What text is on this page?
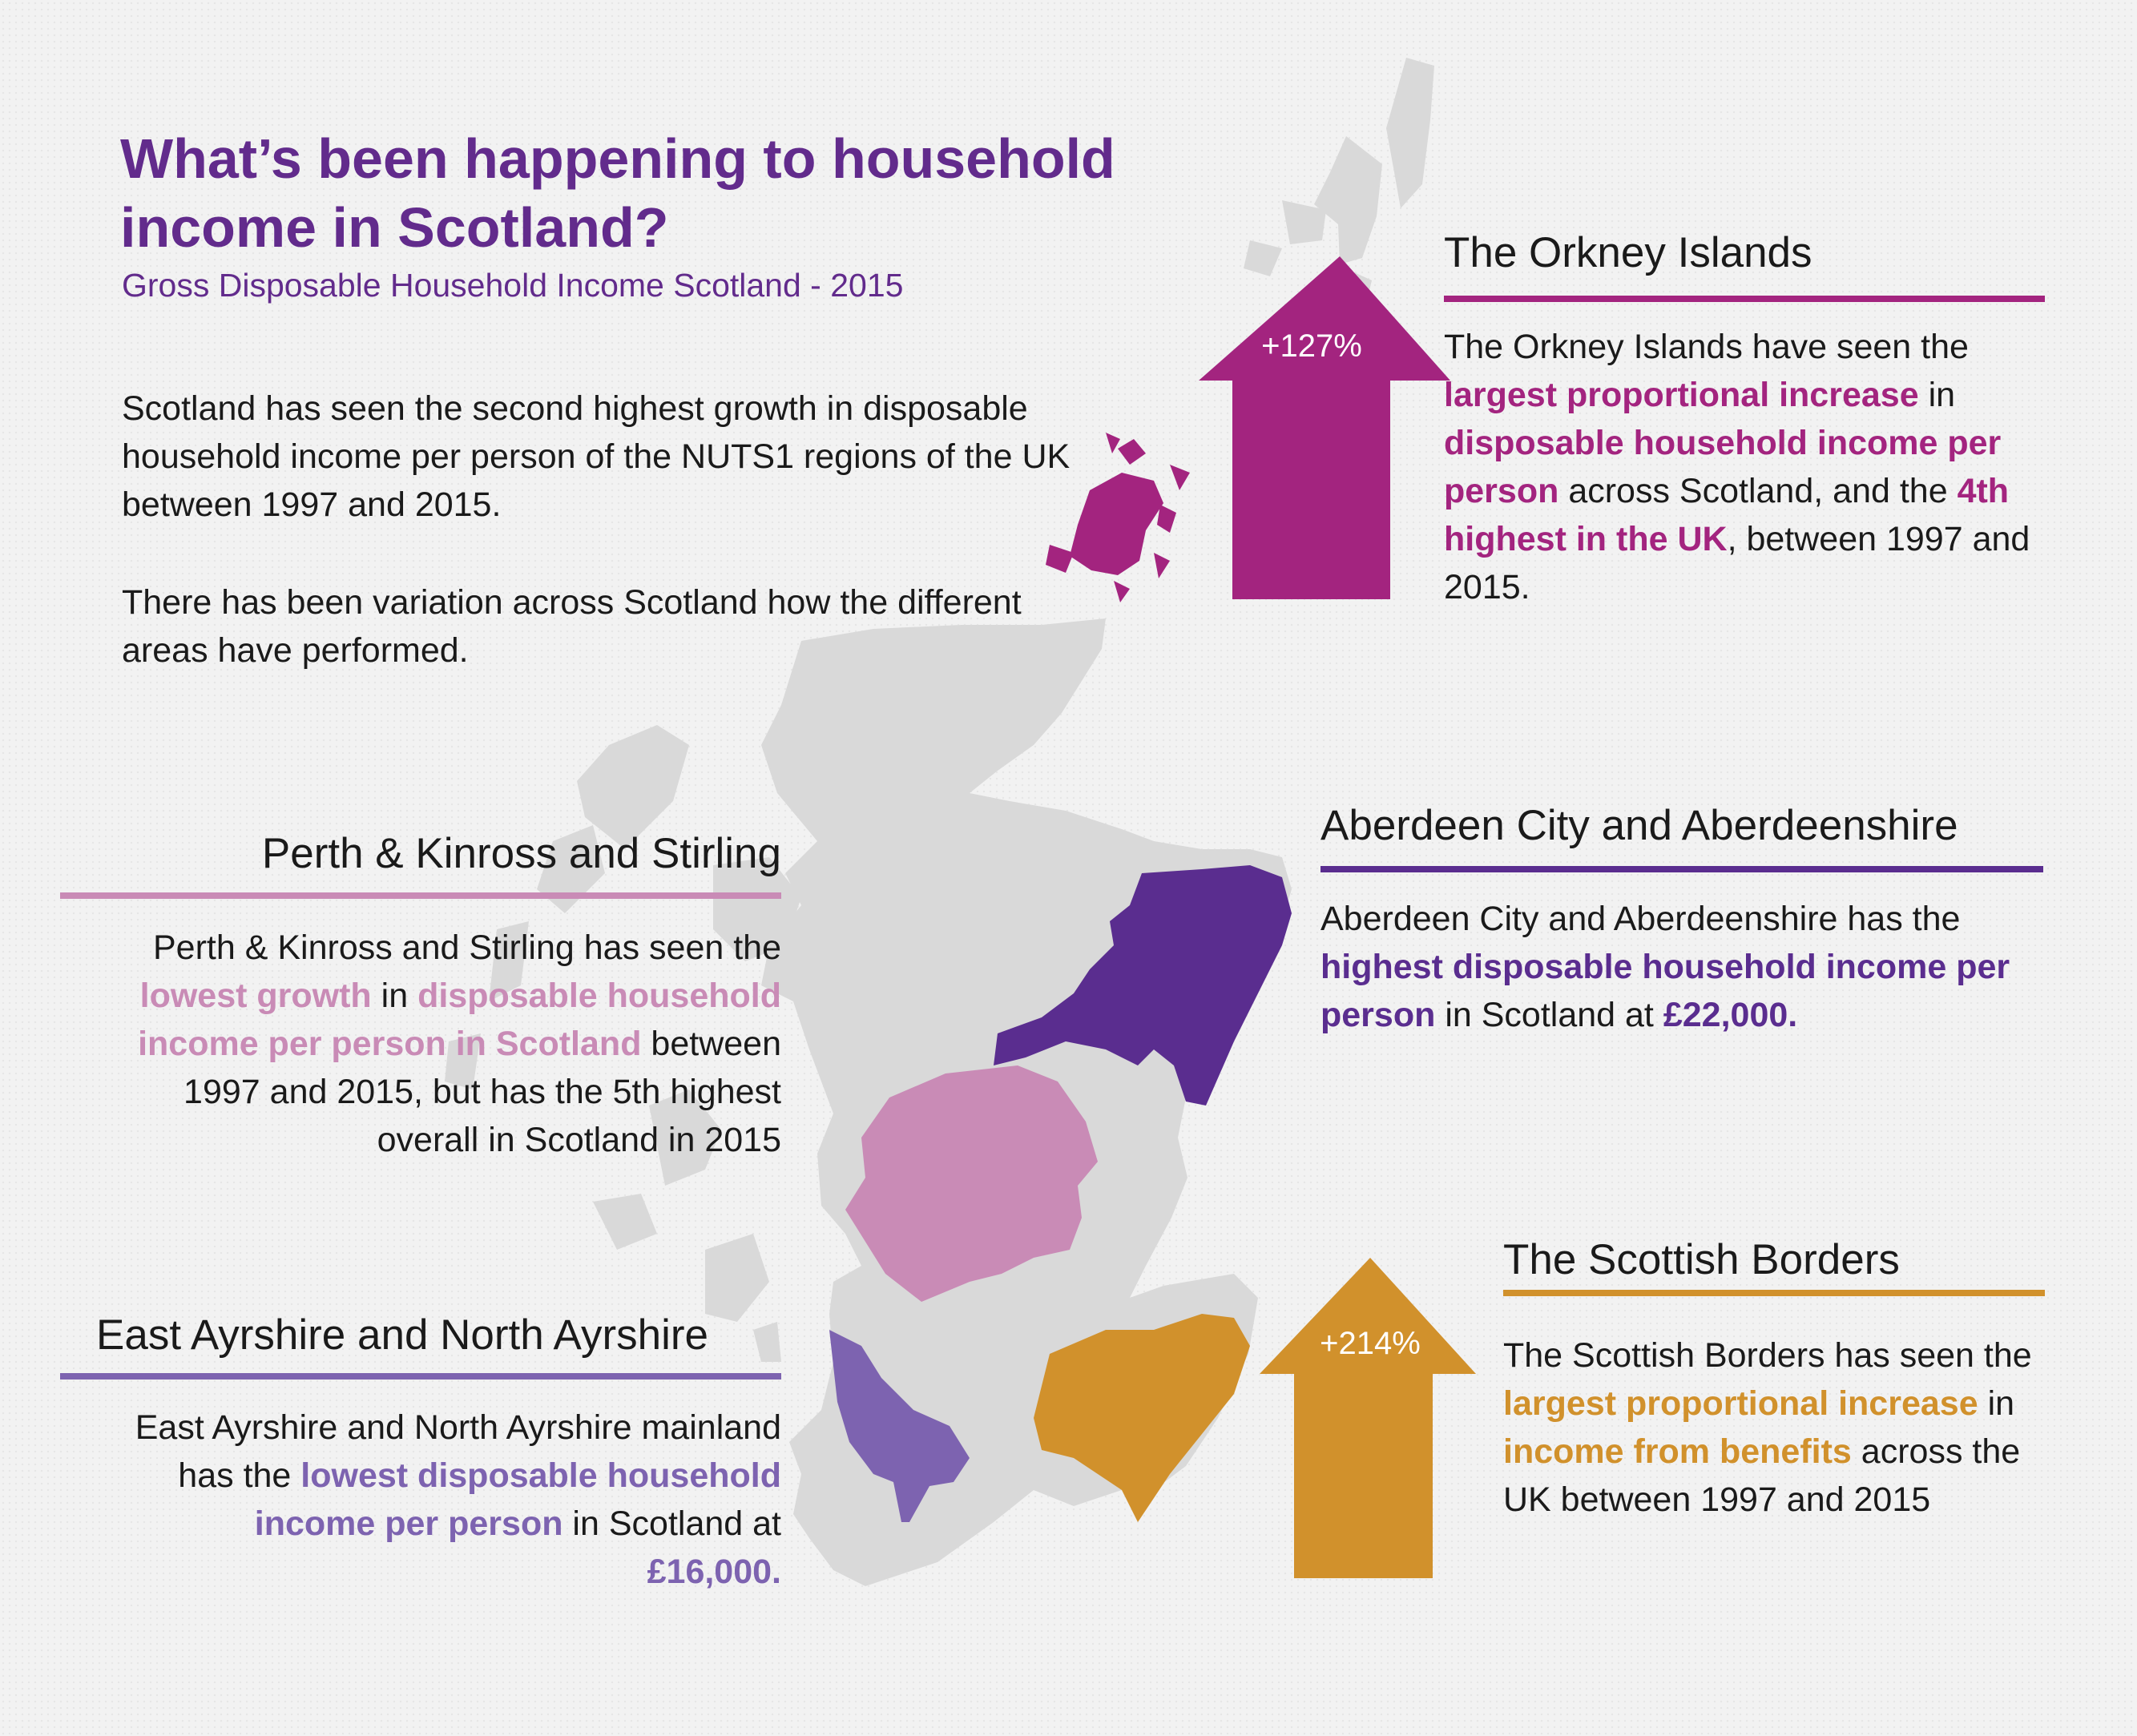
What’s been happening to household income in Scotland?
Gross Disposable Household Income Scotland - 2015
Scotland has seen the second highest growth in disposable household income per person of the NUTS1 regions of the UK between 1997 and 2015.
There has been variation across Scotland how the different areas have performed.
+127%
The Orkney Islands
The Orkney Islands have seen the largest proportional increase in disposable household income per person across Scotland, and the 4th highest in the UK, between 1997 and 2015.
Aberdeen City and Aberdeenshire
Aberdeen City and Aberdeenshire has the highest disposable household income per person in Scotland at £22,000.
Perth & Kinross and Stirling
Perth & Kinross and Stirling has seen the lowest growth in disposable household income per person in Scotland between 1997 and 2015, but has the 5th highest overall in Scotland in 2015
East Ayrshire and North Ayrshire
East Ayrshire and North Ayrshire mainland has the lowest disposable household income per person in Scotland at £16,000.
+214%
The Scottish Borders
The Scottish Borders has seen the largest proportional increase in income from benefits across the UK between 1997 and 2015
